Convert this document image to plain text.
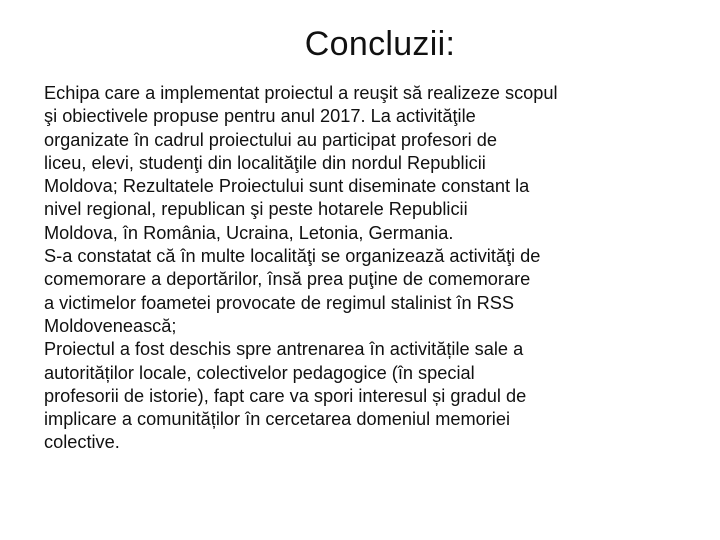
Concluzii:

Echipa care a implementat proiectul a reuşit să realizeze scopul
şi obiectivele propuse pentru anul 2017. La activităţile
organizate în cadrul proiectului au participat profesori de
liceu, elevi, studenţi din localităţile din nordul Republicii
Moldova; Rezultatele Proiectului sunt diseminate constant la
nivel regional, republican şi peste hotarele Republicii
Moldova, în România, Ucraina, Letonia, Germania.

S-a constatat că în multe localităţi se organizează activităţi de
comemorare a deportărilor, însă prea puţine de comemorare
a victimelor foametei provocate de regimul stalinist în RSS
Moldovenească;

Proiectul a fost deschis spre antrenarea în activitățile sale a
autorităților locale, colectivelor pedagogice (în special
profesorii de istorie), fapt care va spori interesul și gradul de
implicare a comunităților în cercetarea domeniul memoriei
colective.
